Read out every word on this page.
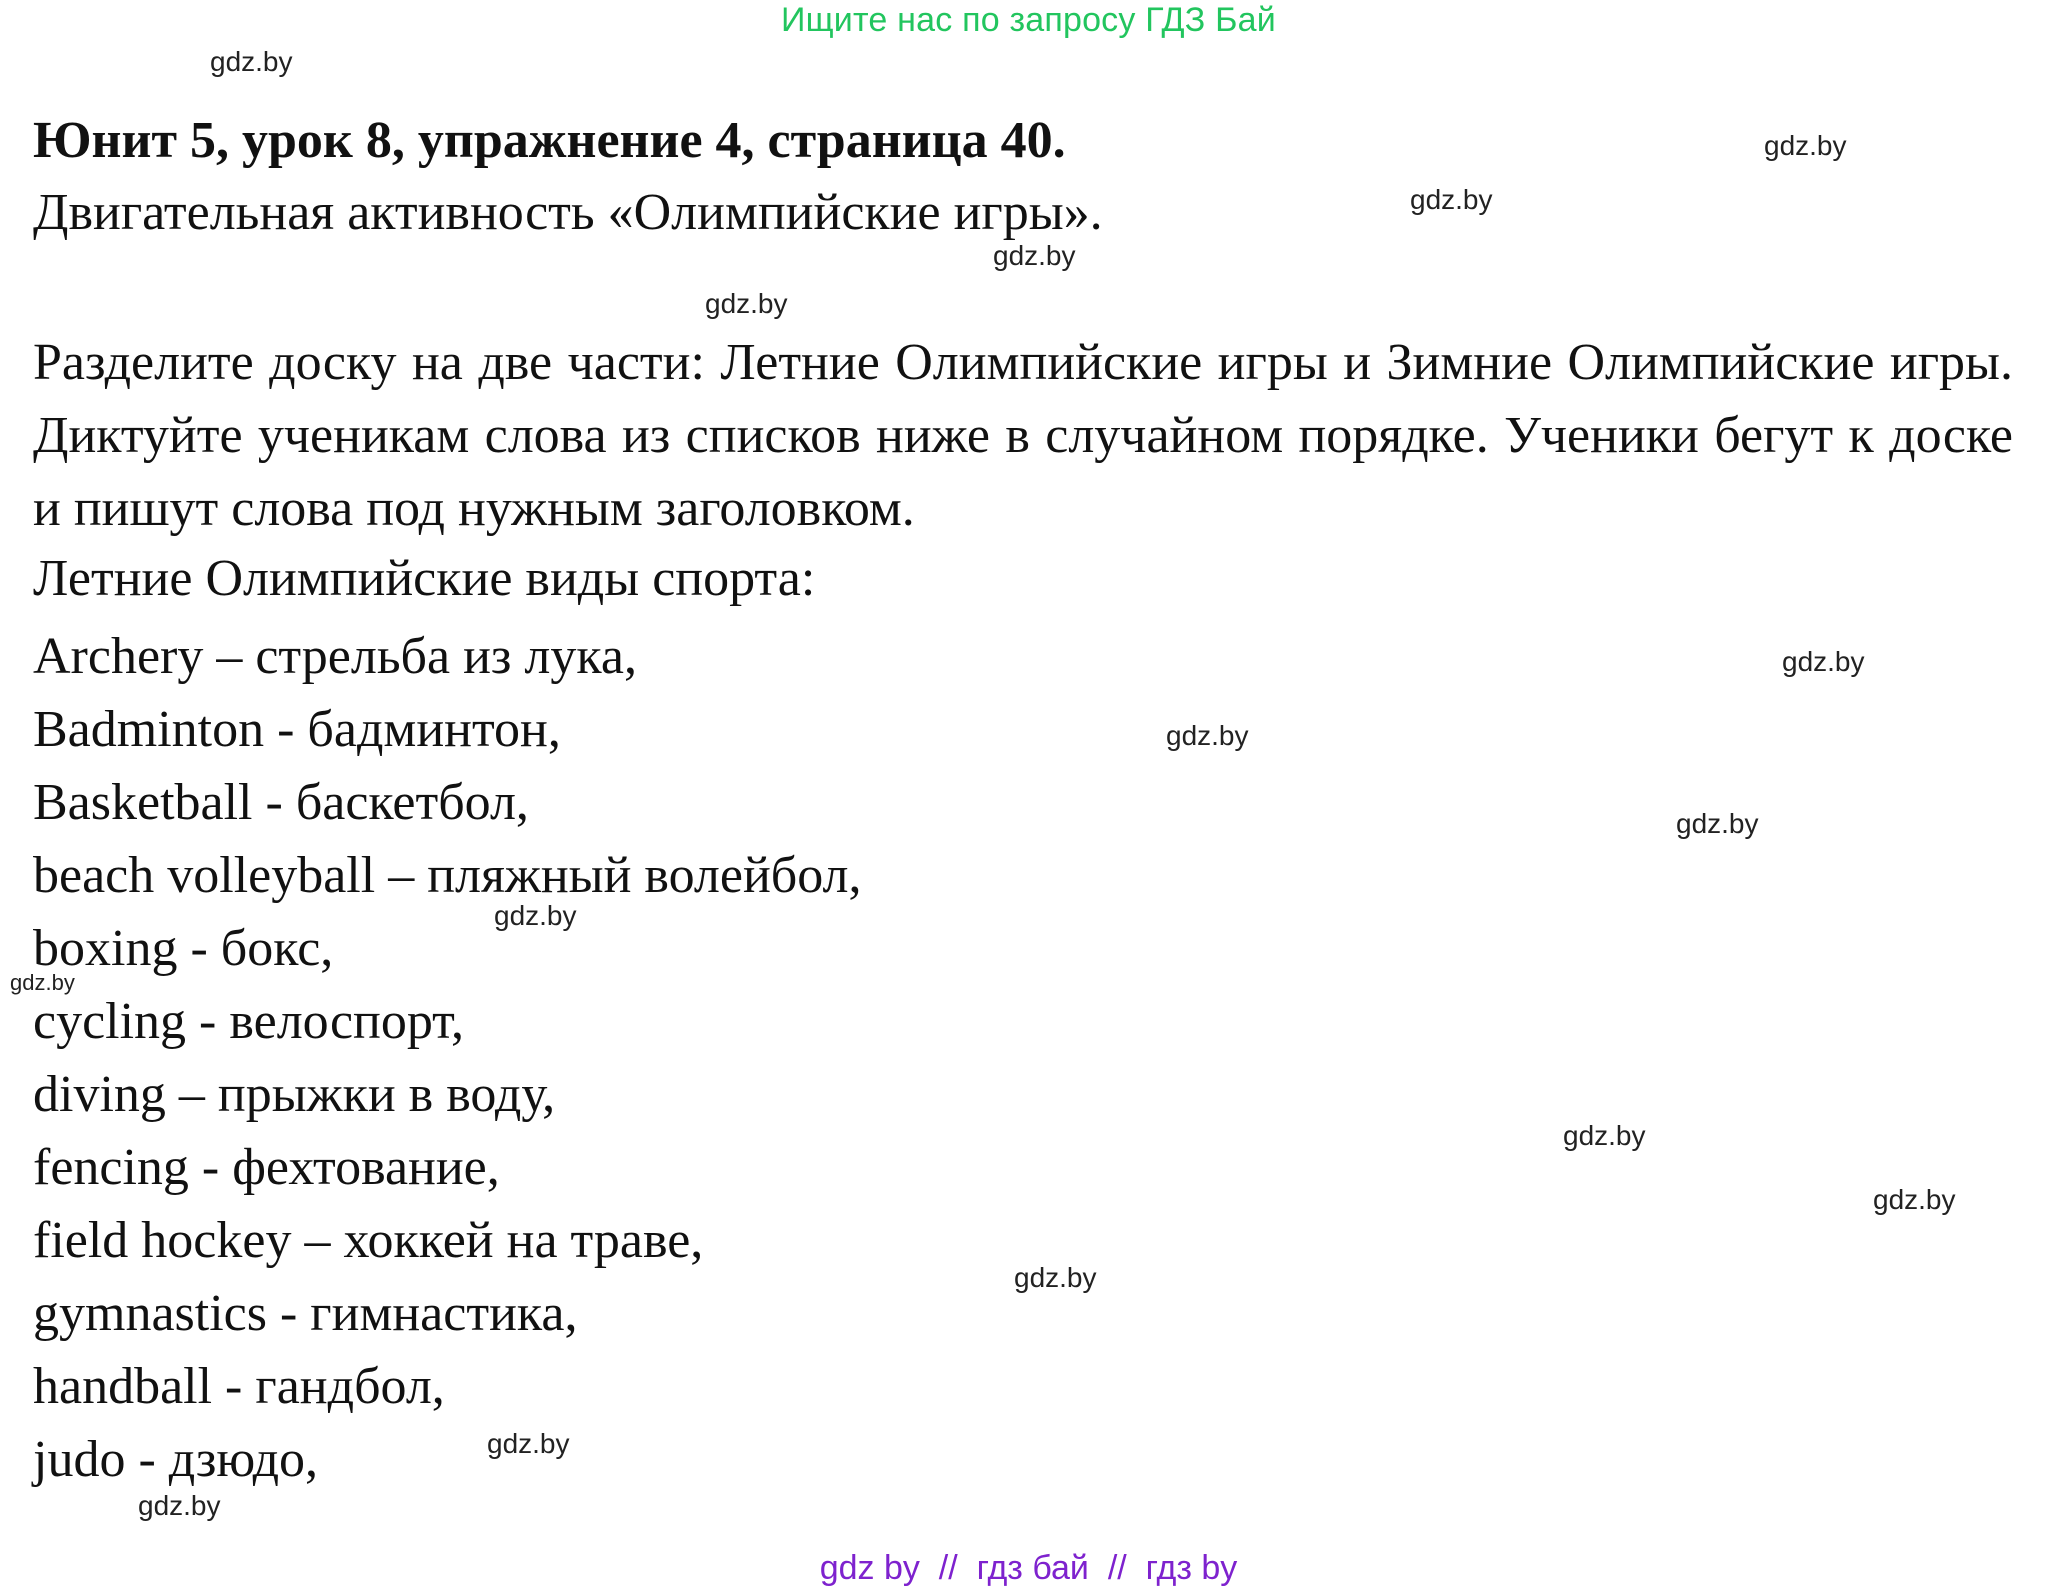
Ищите нас по запросу ГДЗ Бай
gdz.by
gdz.by
gdz.by
gdz.by
gdz.by
gdz.by
gdz.by
gdz.by
gdz.by
gdz.by
gdz.by
gdz.by
gdz.by
gdz.by
gdz.by
Юнит 5, урок 8, упражнение 4, страница 40.
Двигательная активность «Олимпийские игры».
Разделите доску на две части: Летние Олимпийские игры и Зимние Олимпийские игры. Диктуйте ученикам слова из списков ниже в случайном порядке. Ученики бегут к доске и пишут слова под нужным заголовком.
Летние Олимпийские виды спорта:
Archery – стрельба из лука,
Badminton - бадминтон,
Basketball - баскетбол,
beach volleyball – пляжный волейбол,
boxing - бокс,
cycling - велоспорт,
diving – прыжки в воду,
fencing - фехтование,
field hockey – хоккей на траве,
gymnastics - гимнастика,
handball - гандбол,
judo - дзюдо,
gdz by  //  гдз бай  //  гдз by
